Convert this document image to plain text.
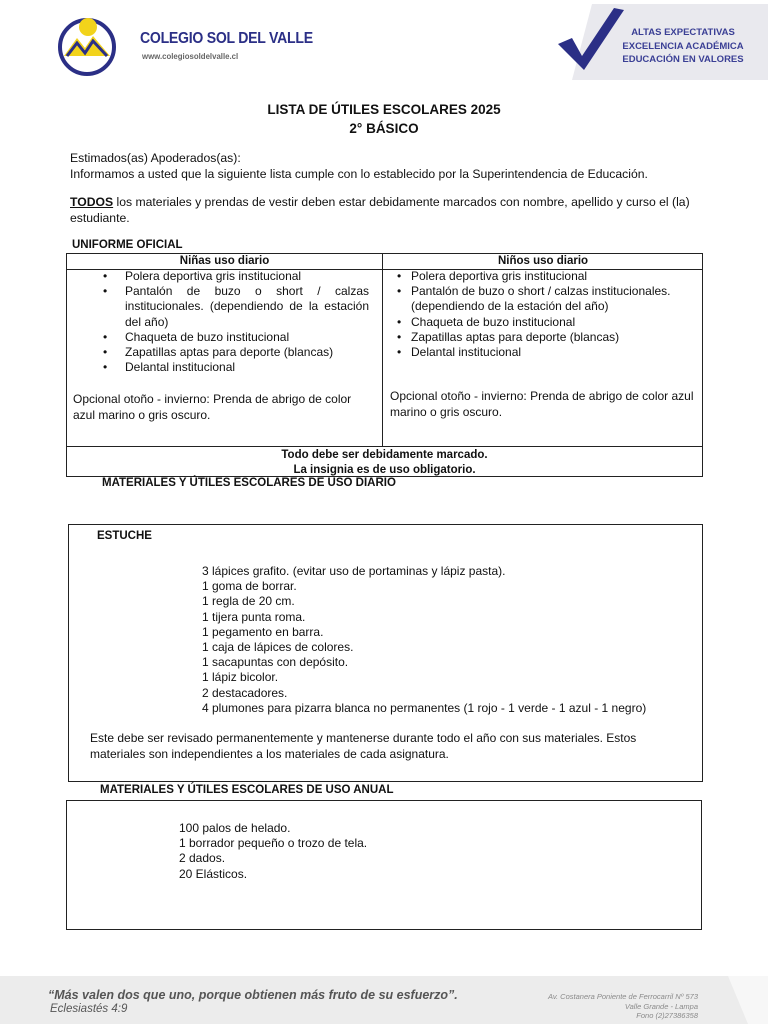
COLEGIO SOL DEL VALLE
www.colegiosoldelvalle.cl
ALTAS EXPECTATIVAS
EXCELENCIA ACADÉMICA
EDUCACIÓN EN VALORES
LISTA DE ÚTILES ESCOLARES 2025
2° BÁSICO
Estimados(as) Apoderados(as):
Informamos a usted que la siguiente lista cumple con lo establecido por la Superintendencia de Educación.
TODOS los materiales y prendas de vestir deben estar debidamente marcados con nombre, apellido y curso el (la) estudiante.
UNIFORME OFICIAL
Niñas uso diario	Niños uso diario
• Polera deportiva gris institucional
• Pantalón de buzo o short / calzas institucionales. (dependiendo de la estación del año)
• Chaqueta de buzo institucional
• Zapatillas aptas para deporte (blancas)
• Delantal institucional
Opcional otoño - invierno: Prenda de abrigo de color azul marino o gris oscuro.
• Polera deportiva gris institucional
• Pantalón de buzo o short / calzas institucionales. (dependiendo de la estación del año)
• Chaqueta de buzo institucional
• Zapatillas aptas para deporte (blancas)
• Delantal institucional
Opcional otoño - invierno: Prenda de abrigo de color azul marino o gris oscuro.
Todo debe ser debidamente marcado.
La insignia es de uso obligatorio.
MATERIALES Y ÚTILES ESCOLARES DE USO DIARIO
ESTUCHE
3 lápices grafito. (evitar uso de portaminas y lápiz pasta).
1 goma de borrar.
1 regla de 20 cm.
1 tijera punta roma.
1 pegamento en barra.
1 caja de lápices de colores.
1 sacapuntas con depósito.
1 lápiz bicolor.
2 destacadores.
4 plumones para pizarra blanca no permanentes (1 rojo - 1 verde - 1 azul - 1 negro)
Este debe ser revisado permanentemente y mantenerse durante todo el año con sus materiales. Estos materiales son independientes a los materiales de cada asignatura.
MATERIALES Y ÚTILES ESCOLARES DE USO ANUAL
100 palos de helado.
1 borrador pequeño o trozo de tela.
2 dados.
20 Elásticos.
“Más valen dos que uno, porque obtienen más fruto de su esfuerzo”.
Eclesiastés 4:9
Av. Costanera Poniente de Ferrocarril Nº 573
Valle Grande - Lampa
Fono (2)27386358
